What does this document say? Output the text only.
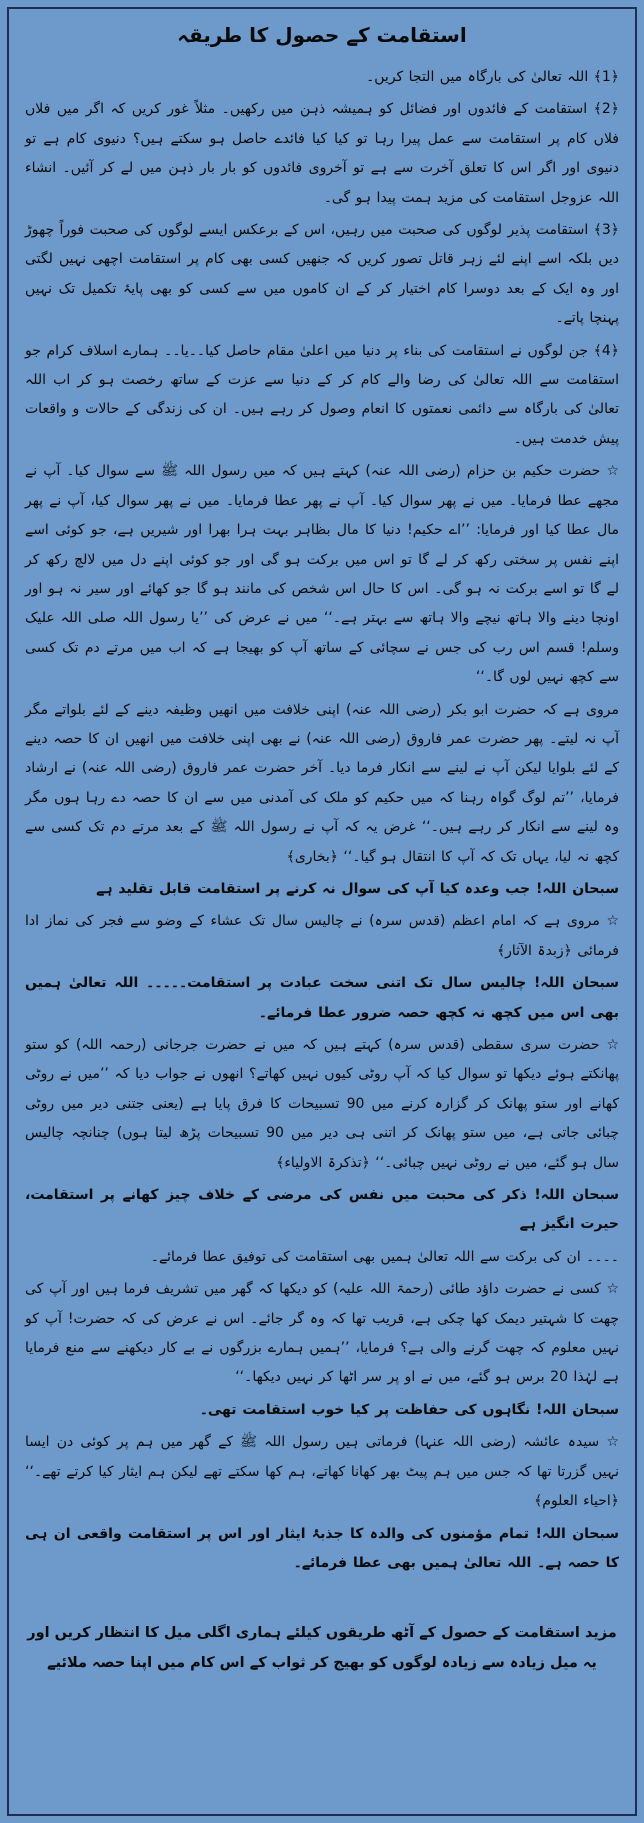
استقامت کے حصول کا طریقہ

﴿1﴾ اللہ تعالیٰ کی بارگاہ میں التجا کریں۔

﴿2﴾ استقامت کے فائدوں اور فضائل کو ہمیشہ ذہن میں رکھیں۔ مثلاً غور کریں کہ اگر میں فلاں فلاں کام پر استقامت سے عمل پیرا رہا تو کیا کیا فائدے حاصل ہو سکتے ہیں؟ دنیوی کام ہے تو دنیوی اور اگر اس کا تعلق آخرت سے ہے تو آخروی فائدوں کو بار بار ذہن میں لے کر آئیں۔ انشاء اللہ عزوجل استقامت کی مزید ہمت پیدا ہو گی۔

﴿3﴾ استقامت پذیر لوگوں کی صحبت میں رہیں، اس کے برعکس ایسے لوگوں کی صحبت فوراً چھوڑ دیں بلکہ اسے اپنے لئے زہر قاتل تصور کریں کہ جنھیں کسی بھی کام پر استقامت اچھی نہیں لگتی اور وہ ایک کے بعد دوسرا کام اختیار کر کے ان کاموں میں سے کسی کو بھی پایۂ تکمیل تک نہیں پہنچا پاتے۔

﴿4﴾ جن لوگوں نے استقامت کی بناء پر دنیا میں اعلیٰ مقام حاصل کیا۔۔یا۔۔ ہمارے اسلاف کرام جو استقامت سے اللہ تعالیٰ کی رضا والے کام کر کے دنیا سے عزت کے ساتھ رخصت ہو کر اب اللہ تعالیٰ کی بارگاہ سے دائمی نعمتوں کا انعام وصول کر رہے ہیں۔ ان کی زندگی کے حالات و واقعات پیش خدمت ہیں۔

☆ حضرت حکیم بن حزام (رضی اللہ عنہ) کہتے ہیں کہ میں رسول اللہ ﷺ سے سوال کیا۔ آپ نے مجھے عطا فرمایا۔ میں نے پھر سوال کیا۔ آپ نے پھر عطا فرمایا۔ میں نے پھر سوال کیا، آپ نے پھر مال عطا کیا اور فرمایا: ’’اے حکیم! دنیا کا مال بظاہر بہت ہرا بھرا اور شیریں ہے، جو کوئی اسے اپنے نفس پر سختی رکھ کر لے گا تو اس میں برکت ہو گی اور جو کوئی اپنے دل میں لالچ رکھ کر لے گا تو اسے برکت نہ ہو گی۔ اس کا حال اس شخص کی مانند ہو گا جو کھائے اور سیر نہ ہو اور اونچا دینے والا ہاتھ نیچے والا ہاتھ سے بہتر ہے۔‘‘ میں نے عرض کی ’’یا رسول اللہ صلی اللہ علیک وسلم! قسم اس رب کی جس نے سچائی کے ساتھ آپ کو بھیجا ہے کہ اب میں مرتے دم تک کسی سے کچھ نہیں لوں گا۔‘‘

مروی ہے کہ حضرت ابو بکر (رضی اللہ عنہ) اپنی خلافت میں انھیں وظیفہ دینے کے لئے بلواتے مگر آپ نہ لیتے۔ پھر حضرت عمر فاروق (رضی اللہ عنہ) نے بھی اپنی خلافت میں انھیں ان کا حصہ دینے کے لئے بلوایا لیکن آپ نے لینے سے انکار فرما دیا۔ آخر حضرت عمر فاروق (رضی اللہ عنہ) نے ارشاد فرمایا، ’’تم لوگ گواہ رہنا کہ میں حکیم کو ملک کی آمدنی میں سے ان کا حصہ دے رہا ہوں مگر وہ لینے سے انکار کر رہے ہیں۔‘‘ غرض یہ کہ آپ نے رسول اللہ ﷺ کے بعد مرتے دم تک کسی سے کچھ نہ لیا، یہاں تک کہ آپ کا انتقال ہو گیا۔‘‘ ﴿بخاری﴾

سبحان اللہ! جب وعدہ کیا آپ کی سوال نہ کرنے پر استقامت قابل تقلید ہے

☆ مروی ہے کہ امام اعظم (قدس سرہ) نے چالیس سال تک عشاء کے وضو سے فجر کی نماز ادا فرمائی ﴿زبدۃ الآثار﴾

سبحان اللہ! چالیس سال تک اتنی سخت عبادت پر استقامت۔۔۔۔۔ اللہ تعالیٰ ہمیں بھی اس میں کچھ نہ کچھ حصہ ضرور عطا فرمائے۔

☆ حضرت سری سقطی (قدس سرہ) کہتے ہیں کہ میں نے حضرت جرجانی (رحمہ اللہ) کو ستو پھانکتے ہوئے دیکھا تو سوال کیا کہ آپ روٹی کیوں نہیں کھاتے؟ انھوں نے جواب دیا کہ ’’میں نے روٹی کھانے اور ستو پھانک کر گزارہ کرنے میں 90 تسبیحات کا فرق پایا ہے (یعنی جتنی دیر میں روٹی چبائی جاتی ہے، میں ستو پھانک کر اتنی ہی دیر میں 90 تسبیحات پڑھ لیتا ہوں) چنانچہ چالیس سال ہو گئے، میں نے روٹی نہیں چبائی۔‘‘ ﴿تذکرۃ الاولیاء﴾

سبحان اللہ! ذکر کی محبت میں نفس کی مرضی کے خلاف چیز کھانے پر استقامت، حیرت انگیز ہے

۔۔۔۔ ان کی برکت سے اللہ تعالیٰ ہمیں بھی استقامت کی توفیق عطا فرمائے۔

☆ کسی نے حضرت داؤد طائی (رحمۃ اللہ علیہ) کو دیکھا کہ گھر میں تشریف فرما ہیں اور آپ کی چھت کا شہتیر دیمک کھا چکی ہے، قریب تھا کہ وہ گر جائے۔ اس نے عرض کی کہ حضرت! آپ کو نہیں معلوم کہ چھت گرنے والی ہے؟ فرمایا، ’’ہمیں ہمارے بزرگوں نے بے کار دیکھنے سے منع فرمایا ہے لہٰذا 20 برس ہو گئے، میں نے او پر سر اٹھا کر نہیں دیکھا۔‘‘

سبحان اللہ! نگاہوں کی حفاظت پر کیا خوب استقامت تھی۔

☆ سیدہ عائشہ (رضی اللہ عنہا) فرماتی ہیں رسول اللہ ﷺ کے گھر میں ہم پر کوئی دن ایسا نہیں گزرتا تھا کہ جس میں ہم پیٹ بھر کھانا کھاتے، ہم کھا سکتے تھے لیکن ہم ایثار کیا کرتے تھے۔‘‘ ﴿احیاء العلوم﴾

سبحان اللہ! تمام مؤمنوں کی والدہ کا جذبۂ ایثار اور اس پر استقامت واقعی ان ہی کا حصہ ہے۔ اللہ تعالیٰ ہمیں بھی عطا فرمائے۔

مزید استقامت کے حصول کے آٹھ طریقوں کیلئے ہماری اگلی میل کا انتظار کریں اور یہ میل زیادہ سے زیادہ لوگوں کو بھیج کر ثواب کے اس کام میں اپنا حصہ ملائیے
